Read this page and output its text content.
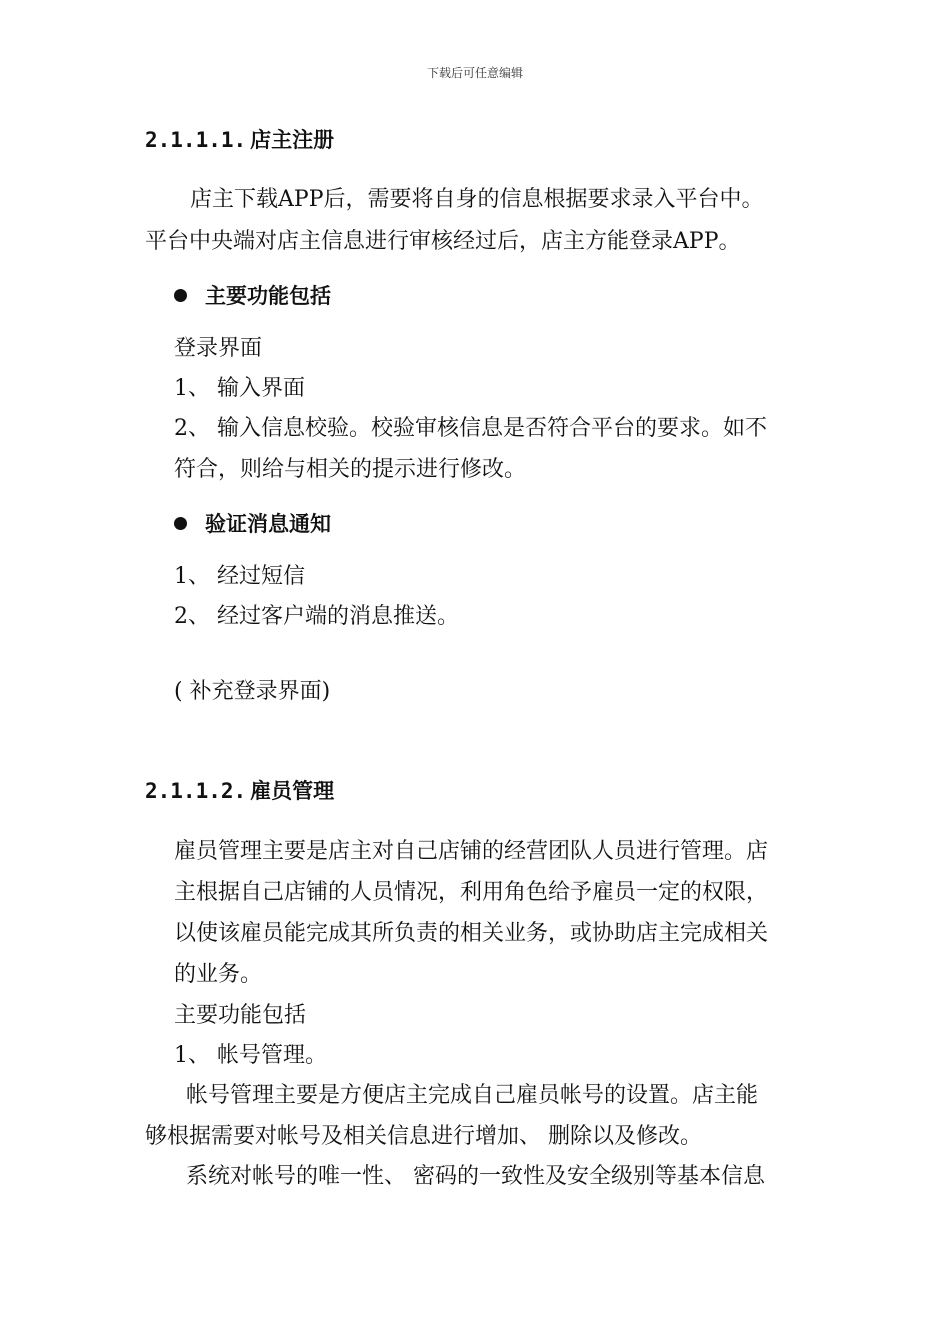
下载后可任意编辑
2.1.1.1. 店主注册
店主下载APP后，需要将自身的信息根据要求录入平台中。
平台中央端对店主信息进行审核经过后，店主方能登录APP。
主要功能包括
登录界面
1、 输入界面
2、 输入信息校验。校验审核信息是否符合平台的要求。如不
符合，则给与相关的提示进行修改。
验证消息通知
1、 经过短信
2、 经过客户端的消息推送。
( 补充登录界面)
2.1.1.2. 雇员管理
雇员管理主要是店主对自己店铺的经营团队人员进行管理。店
主根据自己店铺的人员情况，利用角色给予雇员一定的权限，
以使该雇员能完成其所负责的相关业务，或协助店主完成相关
的业务。
主要功能包括
1、 帐号管理。
帐号管理主要是方便店主完成自己雇员帐号的设置。店主能
够根据需要对帐号及相关信息进行增加、 删除以及修改。
系统对帐号的唯一性、 密码的一致性及安全级别等基本信息
